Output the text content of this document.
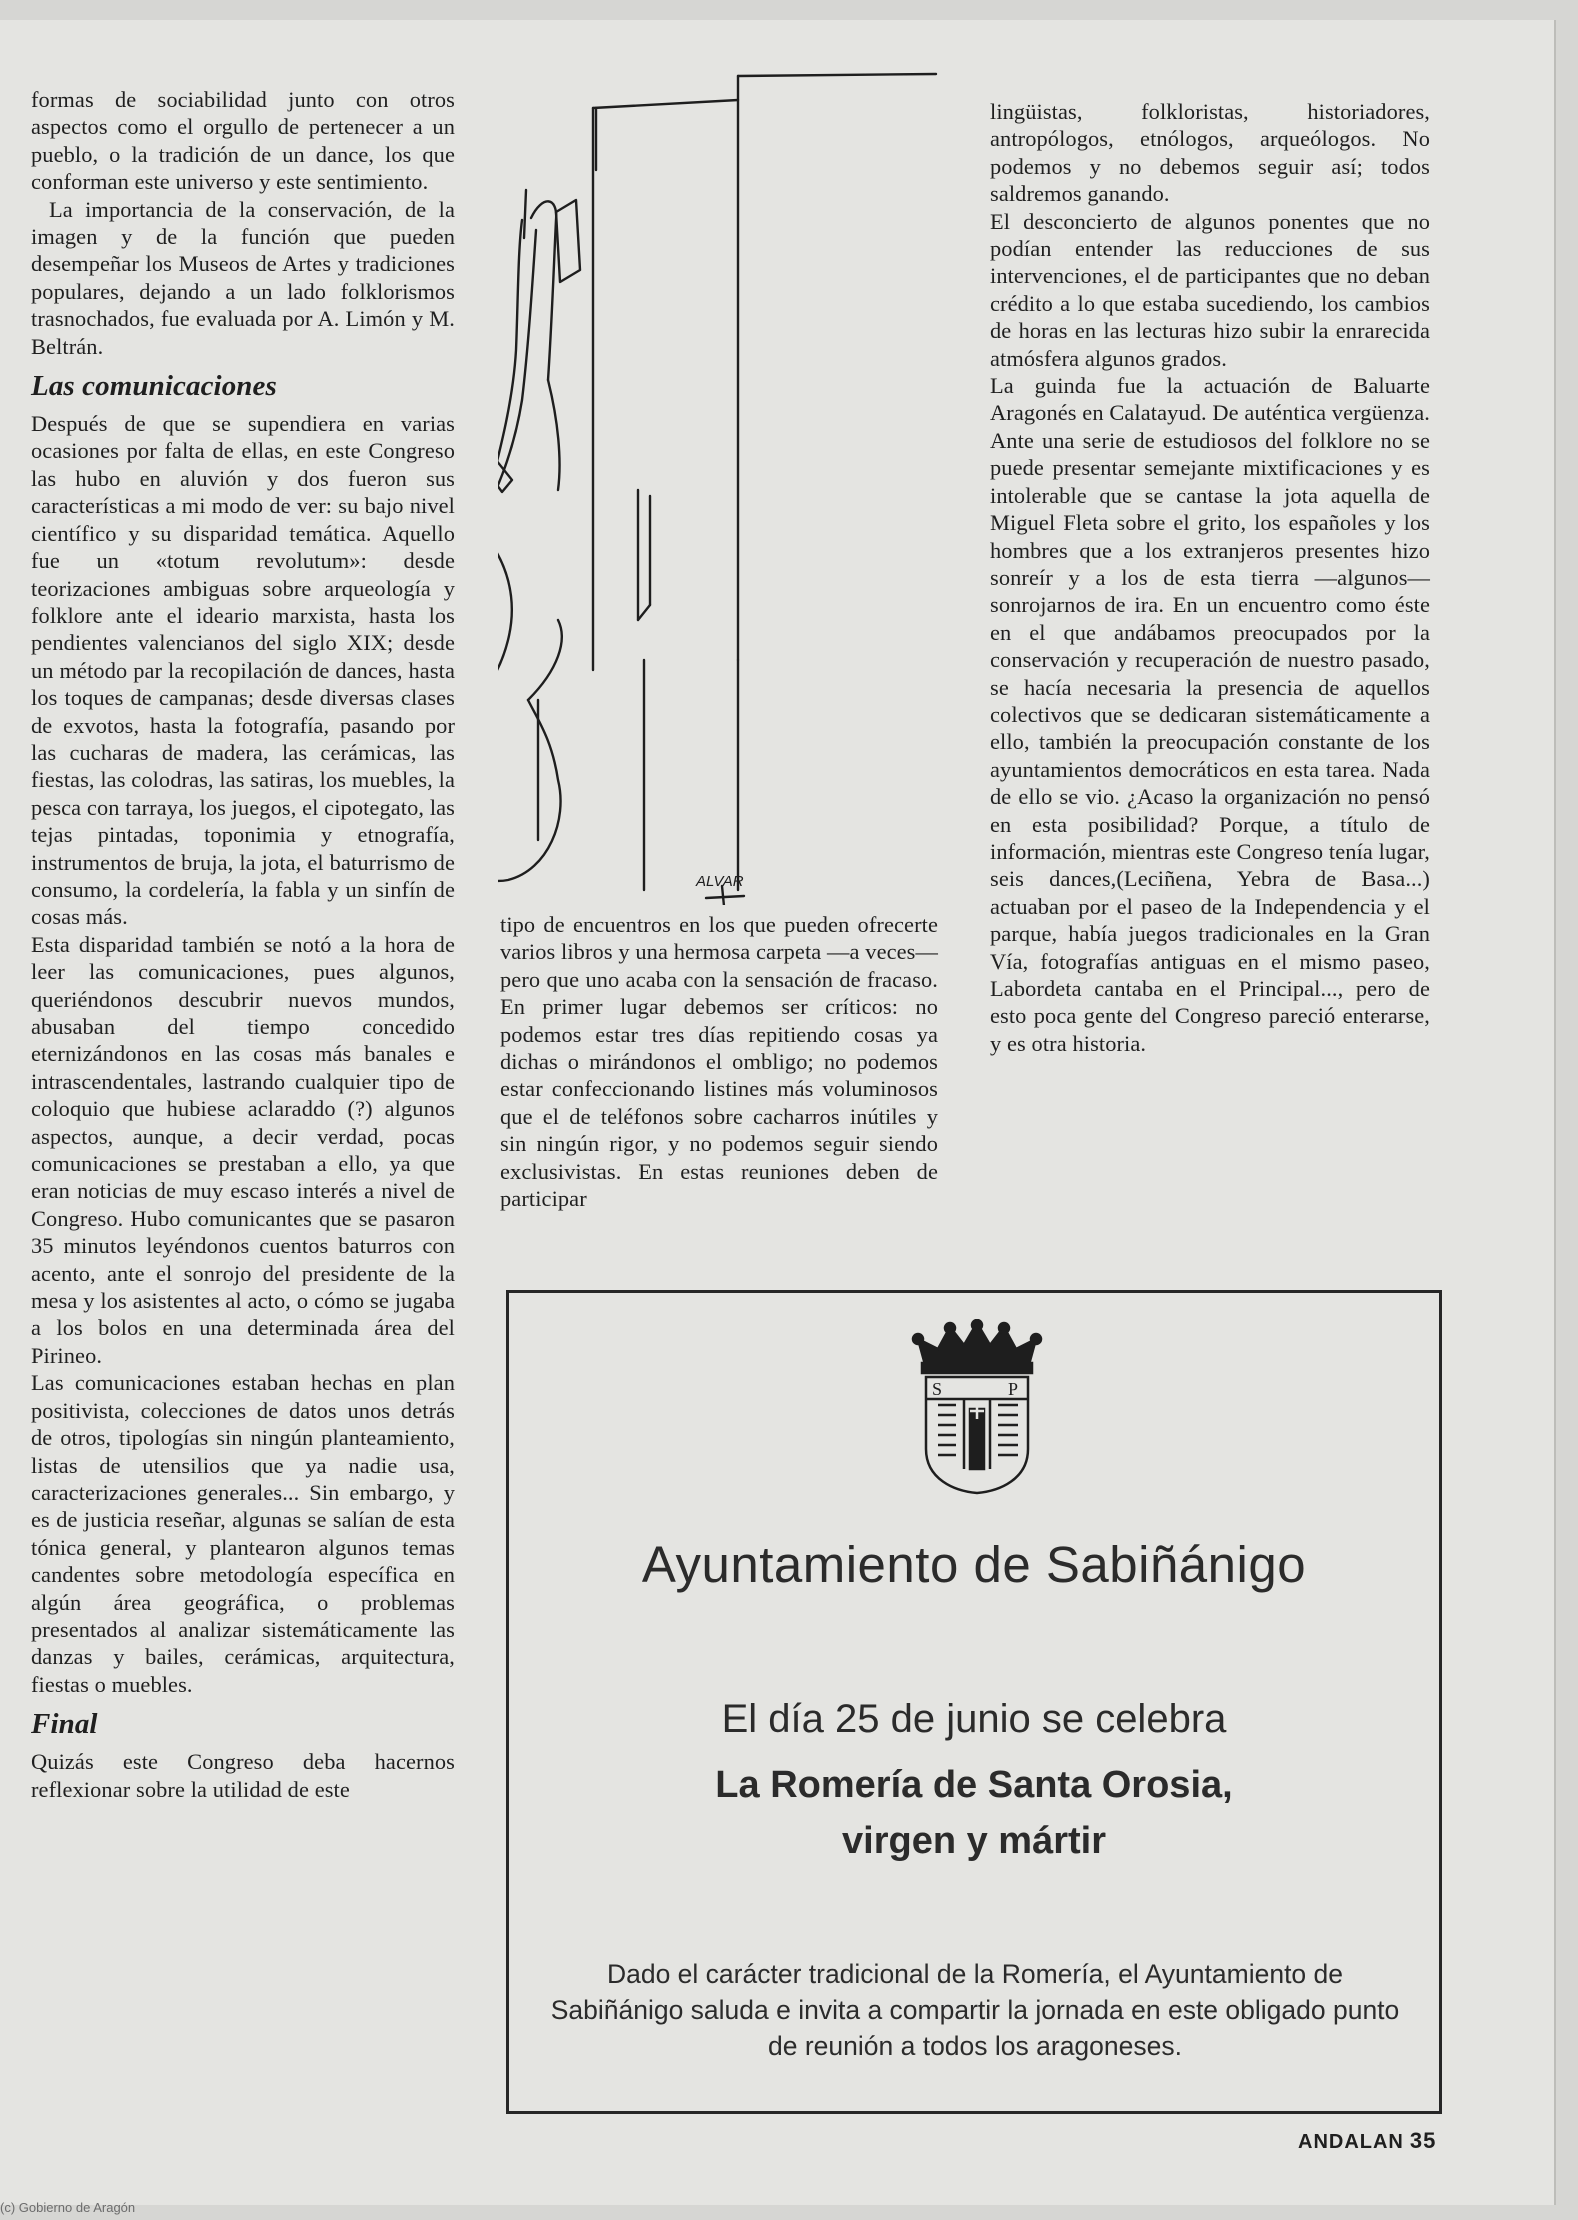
formas de sociabilidad junto con otros aspectos como el orgullo de pertenecer a un pueblo, o la tradición de un dance, los que conforman este universo y este sentimiento.

La importancia de la conservación, de la imagen y de la función que pueden desempeñar los Museos de Artes y tradiciones populares, dejando a un lado folklorismos trasnochados, fue evaluada por A. Limón y M. Beltrán.

Las comunicaciones

Después de que se supendiera en varias ocasiones por falta de ellas, en este Congreso las hubo en aluvión y dos fueron sus características a mi modo de ver: su bajo nivel científico y su disparidad temática. Aquello fue un «totum revolutum»: desde teorizaciones ambiguas sobre arqueología y folklore ante el ideario marxista, hasta los pendientes valencianos del siglo XIX; desde un método par la recopilación de dances, hasta los toques de campanas; desde diversas clases de exvotos, hasta la fotografía, pasando por las cucharas de madera, las cerámicas, las fiestas, las colodras, las satiras, los muebles, la pesca con tarraya, los juegos, el cipotegato, las tejas pintadas, toponimia y etnografía, instrumentos de bruja, la jota, el baturrismo de consumo, la cordelería, la fabla y un sinfín de cosas más.

Esta disparidad también se notó a la hora de leer las comunicaciones, pues algunos, queriéndonos descubrir nuevos mundos, abusaban del tiempo concedido eternizándonos en las cosas más banales e intrascendentales, lastrando cualquier tipo de coloquio que hubiese aclaraddo (?) algunos aspectos, aunque, a decir verdad, pocas comunicaciones se prestaban a ello, ya que eran noticias de muy escaso interés a nivel de Congreso. Hubo comunicantes que se pasaron 35 minutos leyéndonos cuentos baturros con acento, ante el sonrojo del presidente de la mesa y los asistentes al acto, o cómo se jugaba a los bolos en una determinada área del Pirineo.

Las comunicaciones estaban hechas en plan positivista, colecciones de datos unos detrás de otros, tipologías sin ningún planteamiento, listas de utensilios que ya nadie usa, caracterizaciones generales... Sin embargo, y es de justicia reseñar, algunas se salían de esta tónica general, y plantearon algunos temas candentes sobre metodología específica en algún área geográfica, o problemas presentados al analizar sistemáticamente las danzas y bailes, cerámicas, arquitectura, fiestas o muebles.

Final

Quizás este Congreso deba hacernos reflexionar sobre la utilidad de este

ALVAR

tipo de encuentros en los que pueden ofrecerte varios libros y una hermosa carpeta —a veces— pero que uno acaba con la sensación de fracaso. En primer lugar debemos ser críticos: no podemos estar tres días repitiendo cosas ya dichas o mirándonos el ombligo; no podemos estar confeccionando listines más voluminosos que el de teléfonos sobre cacharros inútiles y sin ningún rigor, y no podemos seguir siendo exclusivistas. En estas reuniones deben de participar

lingüistas, folkloristas, historiadores, antropólogos, etnólogos, arqueólogos. No podemos y no debemos seguir así; todos saldremos ganando.

El desconcierto de algunos ponentes que no podían entender las reducciones de sus intervenciones, el de participantes que no deban crédito a lo que estaba sucediendo, los cambios de horas en las lecturas hizo subir la enrarecida atmósfera algunos grados.

La guinda fue la actuación de Baluarte Aragonés en Calatayud. De auténtica vergüenza. Ante una serie de estudiosos del folklore no se puede presentar semejante mixtificaciones y es intolerable que se cantase la jota aquella de Miguel Fleta sobre el grito, los españoles y los hombres que a los extranjeros presentes hizo sonreír y a los de esta tierra —algunos— sonrojarnos de ira. En un encuentro como éste en el que andábamos preocupados por la conservación y recuperación de nuestro pasado, se hacía necesaria la presencia de aquellos colectivos que se dedicaran sistemáticamente a ello, también la preocupación constante de los ayuntamientos democráticos en esta tarea. Nada de ello se vio. ¿Acaso la organización no pensó en esta posibilidad? Porque, a título de información, mientras este Congreso tenía lugar, seis dances,(Leciñena, Yebra de Basa...) actuaban por el paseo de la Independencia y el parque, había juegos tradicionales en la Gran Vía, fotografías antiguas en el mismo paseo, Labordeta cantaba en el Principal..., pero de esto poca gente del Congreso pareció enterarse, y es otra historia.

S	P
Ayuntamiento de Sabiñánigo
El día 25 de junio se celebra
La Romería de Santa Orosia,
virgen y mártir
Dado el carácter tradicional de la Romería, el Ayuntamiento de Sabiñánigo saluda e invita a compartir la jornada en este obligado punto de reunión a todos los aragoneses.
ANDALAN 35
(c) Gobierno de Aragón
